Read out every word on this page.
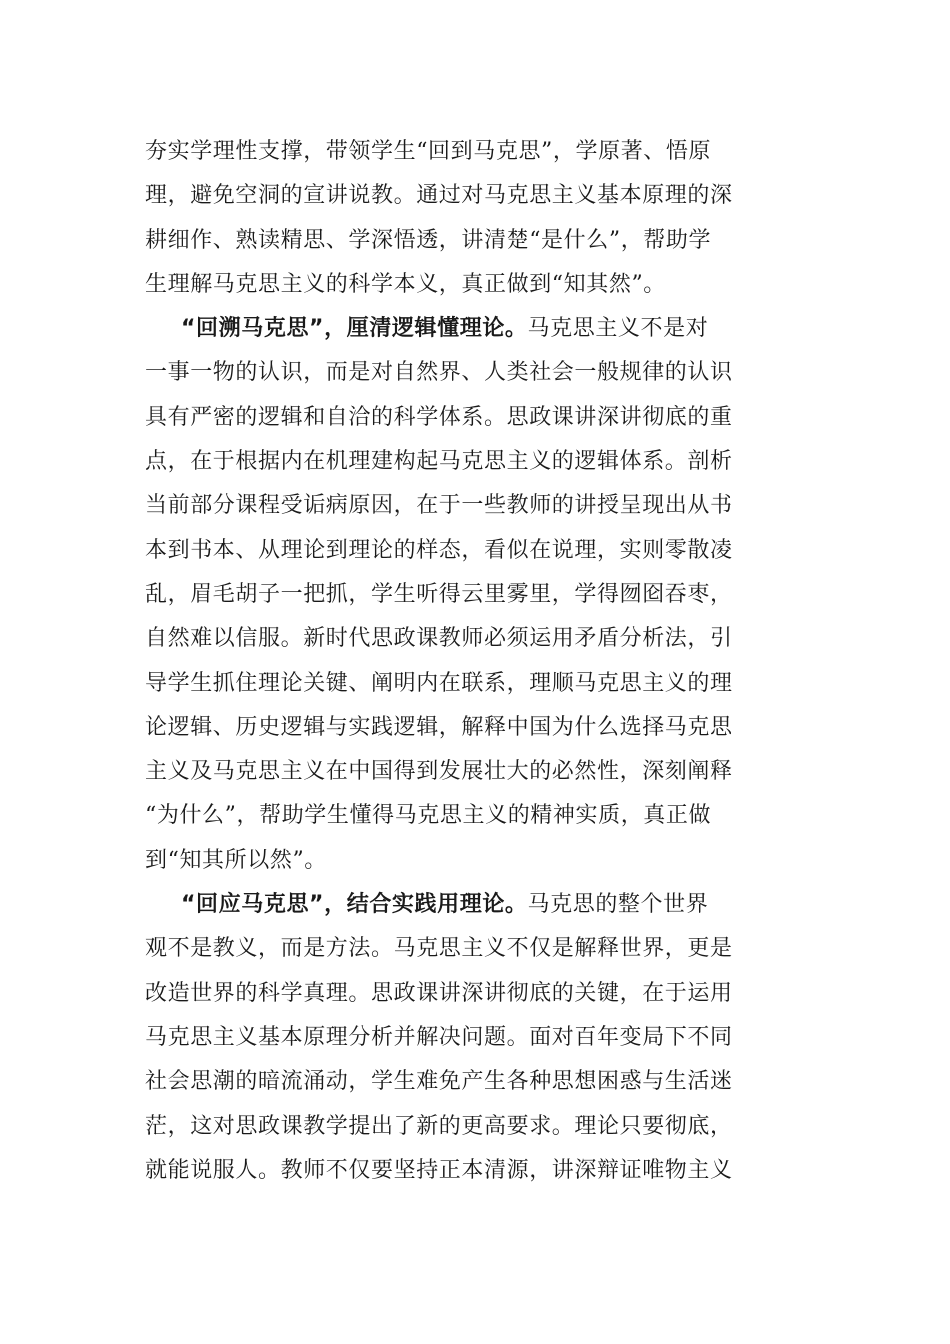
夯实学理性支撑，带领学生“回到马克思”，学原著、悟原
理，避免空洞的宣讲说教。通过对马克思主义基本原理的深
耕细作、熟读精思、学深悟透，讲清楚“是什么”，帮助学
生理解马克思主义的科学本义，真正做到“知其然”。
“回溯马克思”，厘清逻辑懂理论。马克思主义不是对
一事一物的认识，而是对自然界、人类社会一般规律的认识
具有严密的逻辑和自洽的科学体系。思政课讲深讲彻底的重
点，在于根据内在机理建构起马克思主义的逻辑体系。剖析
当前部分课程受诟病原因，在于一些教师的讲授呈现出从书
本到书本、从理论到理论的样态，看似在说理，实则零散凌
乱，眉毛胡子一把抓，学生听得云里雾里，学得囫囵吞枣，
自然难以信服。新时代思政课教师必须运用矛盾分析法，引
导学生抓住理论关键、阐明内在联系，理顺马克思主义的理
论逻辑、历史逻辑与实践逻辑，解释中国为什么选择马克思
主义及马克思主义在中国得到发展壮大的必然性，深刻阐释
“为什么”，帮助学生懂得马克思主义的精神实质，真正做
到“知其所以然”。
“回应马克思”，结合实践用理论。马克思的整个世界
观不是教义，而是方法。马克思主义不仅是解释世界，更是
改造世界的科学真理。思政课讲深讲彻底的关键，在于运用
马克思主义基本原理分析并解决问题。面对百年变局下不同
社会思潮的暗流涌动，学生难免产生各种思想困惑与生活迷
茫，这对思政课教学提出了新的更高要求。理论只要彻底，
就能说服人。教师不仅要坚持正本清源，讲深辩证唯物主义
